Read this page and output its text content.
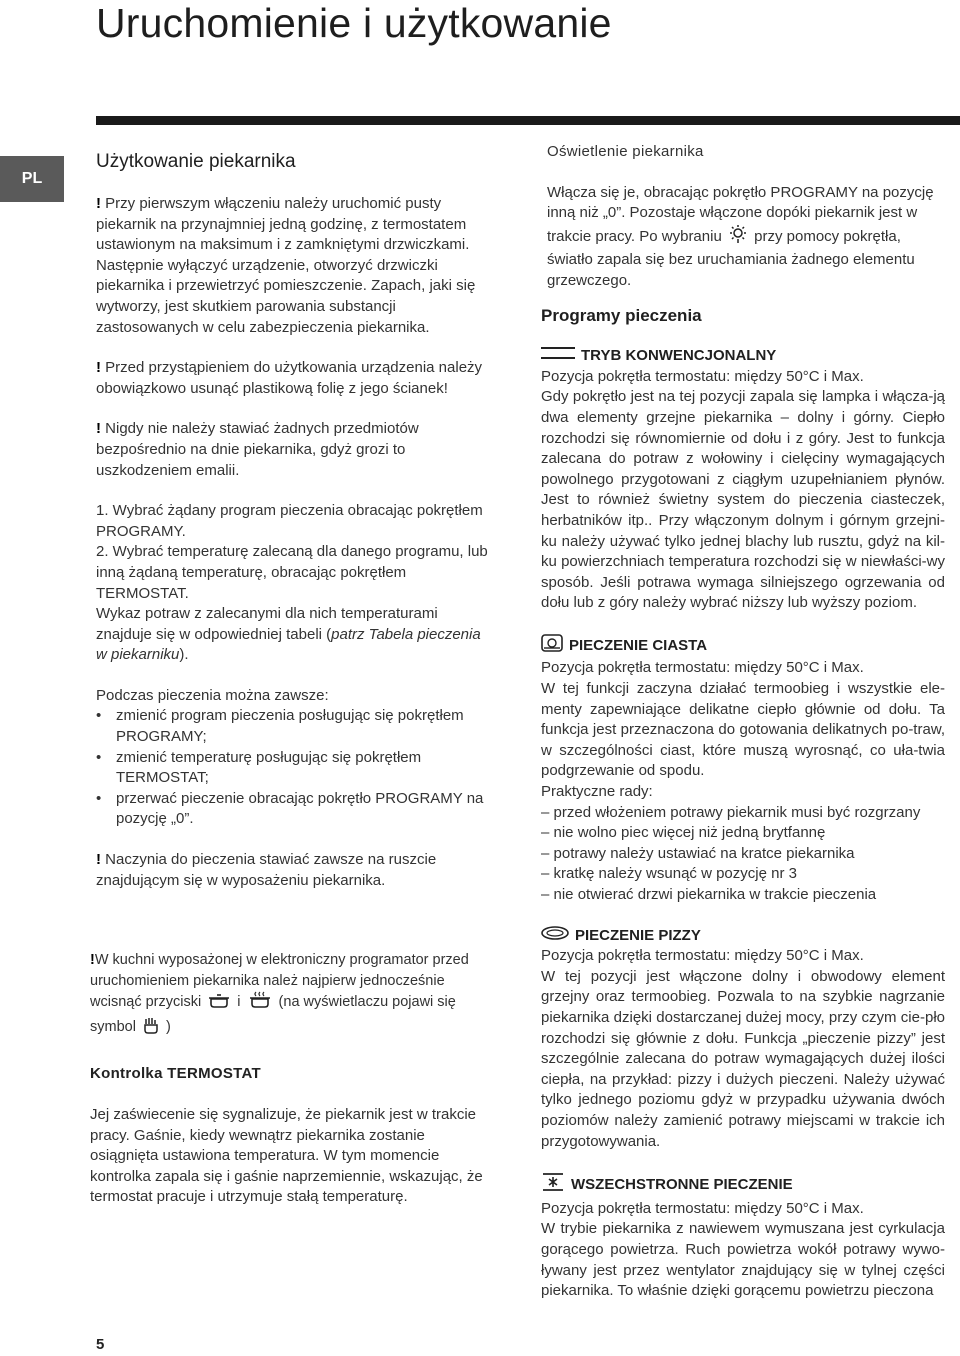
Uruchomienie i użytkowanie
PL
Użytkowanie piekarnika

! Przy pierwszym włączeniu należy uruchomić pusty piekarnik na przynajmniej jedną godzinę, z termostatem ustawionym na maksimum i z zamkniętymi drzwiczkami. Następnie wyłączyć urządzenie, otworzyć drzwiczki piekarnika i przewietrzyć pomieszczenie. Zapach, jaki się wytworzy, jest skutkiem parowania substancji zastosowanych w celu zabezpieczenia piekarnika.

! Przed przystąpieniem do użytkowania urządzenia należy obowiązkowo usunąć plastikową folię z jego ścianek!

! Nigdy nie należy stawiać żadnych przedmiotów bezpośrednio na dnie piekarnika, gdyż grozi to uszkodzeniem emalii.

1. Wybrać żądany program pieczenia obracając pokrętłem PROGRAMY.

2. Wybrać temperaturę zalecaną dla danego programu, lub inną żądaną temperaturę, obracając pokrętłem TERMOSTAT.

Wykaz potraw z zalecanymi dla nich temperaturami znajduje się w odpowiedniej tabeli (patrz Tabela pieczenia w piekarniku).

Podczas pieczenia można zawsze:

• zmienić program pieczenia posługując się pokrętłem PROGRAMY;
• zmienić temperaturę posługując się pokrętłem TERMOSTAT;
• przerwać pieczenie obracając pokrętło PROGRAMY na pozycję „0”.

! Naczynia do pieczenia stawiać zawsze na ruszcie znajdującym się w wyposażeniu piekarnika.

!W kuchni wyposażonej w elektroniczny programator przed uruchomieniem piekarnika należ najpierw jednocześnie wcisnąć przyciski i	(na wyświetlaczu pojawi się symbol )

Kontrolka TERMOSTAT

Jej zaświecenie się sygnalizuje, że piekarnik jest w trakcie pracy. Gaśnie, kiedy wewnątrz piekarnika zostanie osiągnięta ustawiona temperatura. W tym momencie kontrolka zapala się i gaśnie naprzemiennie, wskazując, że termostat pracuje i utrzymuje stałą temperaturę.

Oświetlenie piekarnika

Włącza się je, obracając pokrętło PROGRAMY na pozycję inną niż „0”. Pozostaje włączone dopóki piekarnik jest w trakcie pracy. Po wybraniu przy pomocy pokrętła, światło zapala się bez uruchamiania żadnego elementu grzewczego.

Programy pieczenia
TRYB KONWENCJONALNY

Pozycja pokrętła termostatu: między 50°C i Max.

Gdy pokrętło jest na tej pozycji zapala się lampka i włącza-ją dwa elementy grzejne piekarnika – dolny i górny. Ciepło rozchodzi się równomiernie od dołu i z góry. Jest to funkcja zalecana do potraw z wołowiny i cielęciny wymagających powolnego przygotowani z ciągłym uzupełnianiem płynów. Jest to również świetny system do pieczenia ciasteczek, herbatników itp.. Przy włączonym dolnym i górnym grzejni-ku należy używać tylko jednej blachy lub rusztu, gdyż na kil-ku powierzchniach temperatura rozchodzi się w niewłaści-wy sposób. Jeśli potrawa wymaga silniejszego ogrzewania od dołu lub z góry należy wybrać niższy lub wyższy poziom.

PIECZENIE CIASTA

Pozycja pokrętła termostatu: między 50°C i Max.

W tej funkcji zaczyna działać termoobieg i wszystkie ele-menty zapewniające delikatne ciepło głównie od dołu. Ta funkcja jest przeznaczona do gotowania delikatnych po-traw, w szczególności ciast, które muszą wyrosnąć, co uła-twia podgrzewanie od spodu.

Praktyczne rady:

– przed włożeniem potrawy piekarnik musi być rozgrzany

– nie wolno piec więcej niż jedną brytfannę

– potrawy należy ustawiać na kratce piekarnika

– kratkę należy wsunąć w pozycję nr 3

– nie otwierać drzwi piekarnika w trakcie pieczenia

PIECZENIE PIZZY

Pozycja pokrętła termostatu: między 50°C i Max.

W tej pozycji jest włączone dolny i obwodowy element grzejny oraz termoobieg. Pozwala to na szybkie nagrzanie piekarnika dzięki dostarczanej dużej mocy, przy czym cie-pło rozchodzi się głównie z dołu. Funkcja „pieczenie pizzy” jest szczególnie zalecana do potraw wymagających dużej ilości ciepła, na przykład: pizzy i dużych pieczeni. Należy używać tylko jednego poziomu gdyż w przypadku używania dwóch poziomów należy zamienić potrawy miejscami w trakcie ich przygotowywania.

WSZECHSTRONNE PIECZENIE

Pozycja pokrętła termostatu: między 50°C i Max.

W trybie piekarnika z nawiewem wymuszana jest cyrkulacja gorącego powietrza. Ruch powietrza wokół potrawy wywo-ływany jest przez wentylator znajdujący się w tylnej części piekarnika. To właśnie dzięki gorącemu powietrzu pieczona

5
